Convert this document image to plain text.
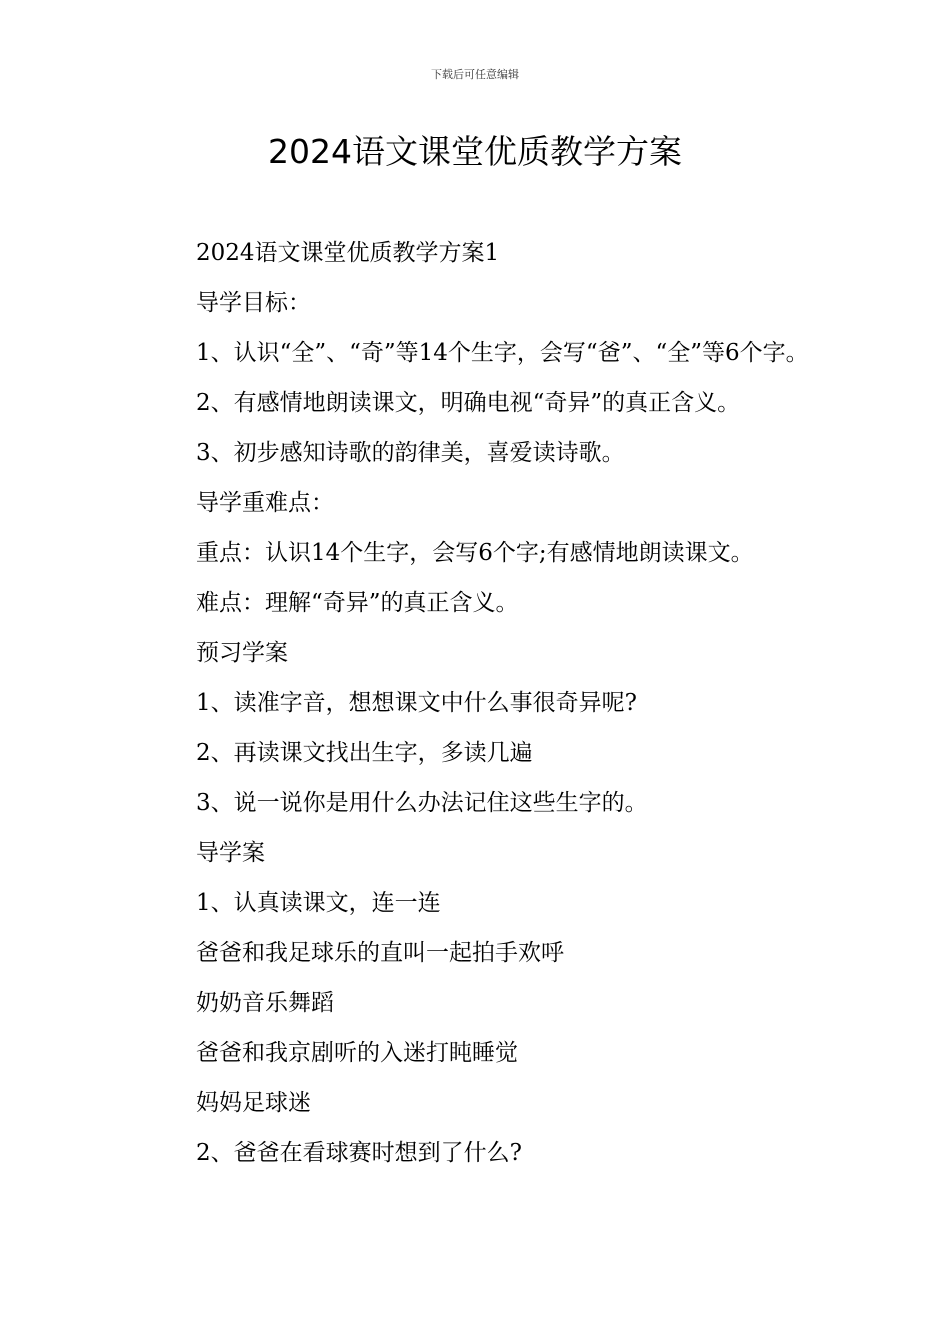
下载后可任意编辑
2024语文课堂优质教学方案

2024语文课堂优质教学方案1

导学目标：

1、认识“全”、“奇”等14个生字，会写“爸”、“全”等6个字。

2、有感情地朗读课文，明确电视“奇异”的真正含义。

3、初步感知诗歌的韵律美，喜爱读诗歌。

导学重难点：

重点：认识14个生字，会写6个字;有感情地朗读课文。

难点：理解“奇异”的真正含义。

预习学案

1、读准字音，想想课文中什么事很奇异呢?

2、再读课文找出生字，多读几遍

3、说一说你是用什么办法记住这些生字的。

导学案

1、认真读课文，连一连

爸爸和我足球乐的直叫一起拍手欢呼

奶奶音乐舞蹈

爸爸和我京剧听的入迷打盹睡觉

妈妈足球迷

2、爸爸在看球赛时想到了什么?
